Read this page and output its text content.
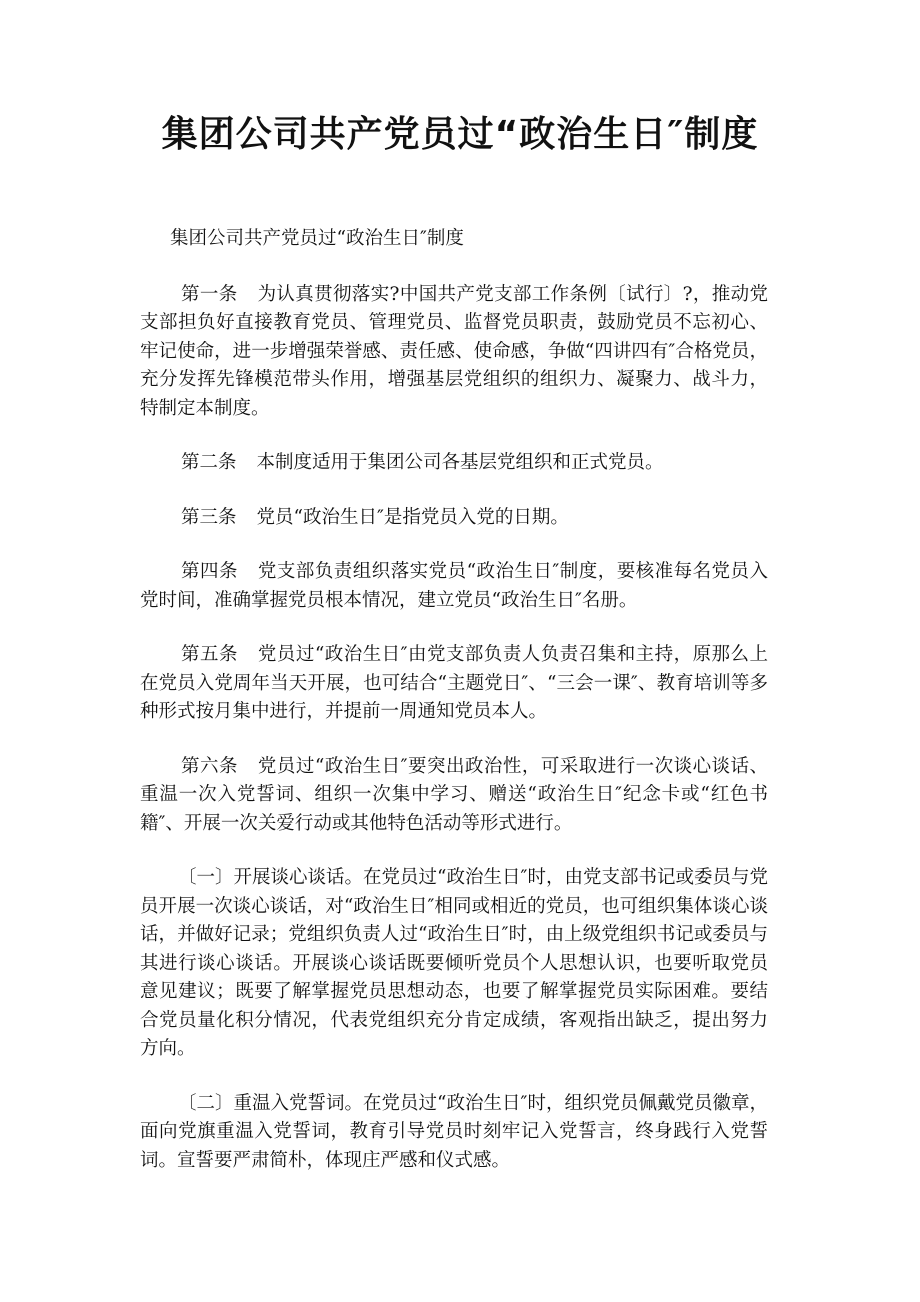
集团公司共产党员过“政治生日″制度

集团公司共产党员过“政治生日″制度

第一条 为认真贯彻落实?中国共产党支部工作条例〔试行〕?，推动党支部担负好直接教育党员、管理党员、监督党员职责，鼓励党员不忘初心、牢记使命，进一步增强荣誉感、责任感、使命感，争做“四讲四有″合格党员，充分发挥先锋模范带头作用，增强基层党组织的组织力、凝聚力、战斗力，特制定本制度。

第二条 本制度适用于集团公司各基层党组织和正式党员。

第三条 党员“政治生日″是指党员入党的日期。

第四条 党支部负责组织落实党员“政治生日″制度，要核准每名党员入党时间，准确掌握党员根本情况，建立党员“政治生日″名册。

第五条 党员过“政治生日″由党支部负责人负责召集和主持，原那么上在党员入党周年当天开展，也可结合“主题党日″、“三会一课″、教育培训等多种形式按月集中进行，并提前一周通知党员本人。

第六条 党员过“政治生日″要突出政治性，可采取进行一次谈心谈话、重温一次入党誓词、组织一次集中学习、赠送“政治生日″纪念卡或“红色书籍″、开展一次关爱行动或其他特色活动等形式进行。

〔一〕开展谈心谈话。在党员过“政治生日″时，由党支部书记或委员与党员开展一次谈心谈话，对“政治生日″相同或相近的党员，也可组织集体谈心谈话，并做好记录；党组织负责人过“政治生日″时，由上级党组织书记或委员与其进行谈心谈话。开展谈心谈话既要倾听党员个人思想认识，也要听取党员意见建议；既要了解掌握党员思想动态，也要了解掌握党员实际困难。要结合党员量化积分情况，代表党组织充分肯定成绩，客观指出缺乏，提出努力方向。

〔二〕重温入党誓词。在党员过“政治生日″时，组织党员佩戴党员徽章，面向党旗重温入党誓词，教育引导党员时刻牢记入党誓言，终身践行入党誓词。宣誓要严肃简朴，体现庄严感和仪式感。
